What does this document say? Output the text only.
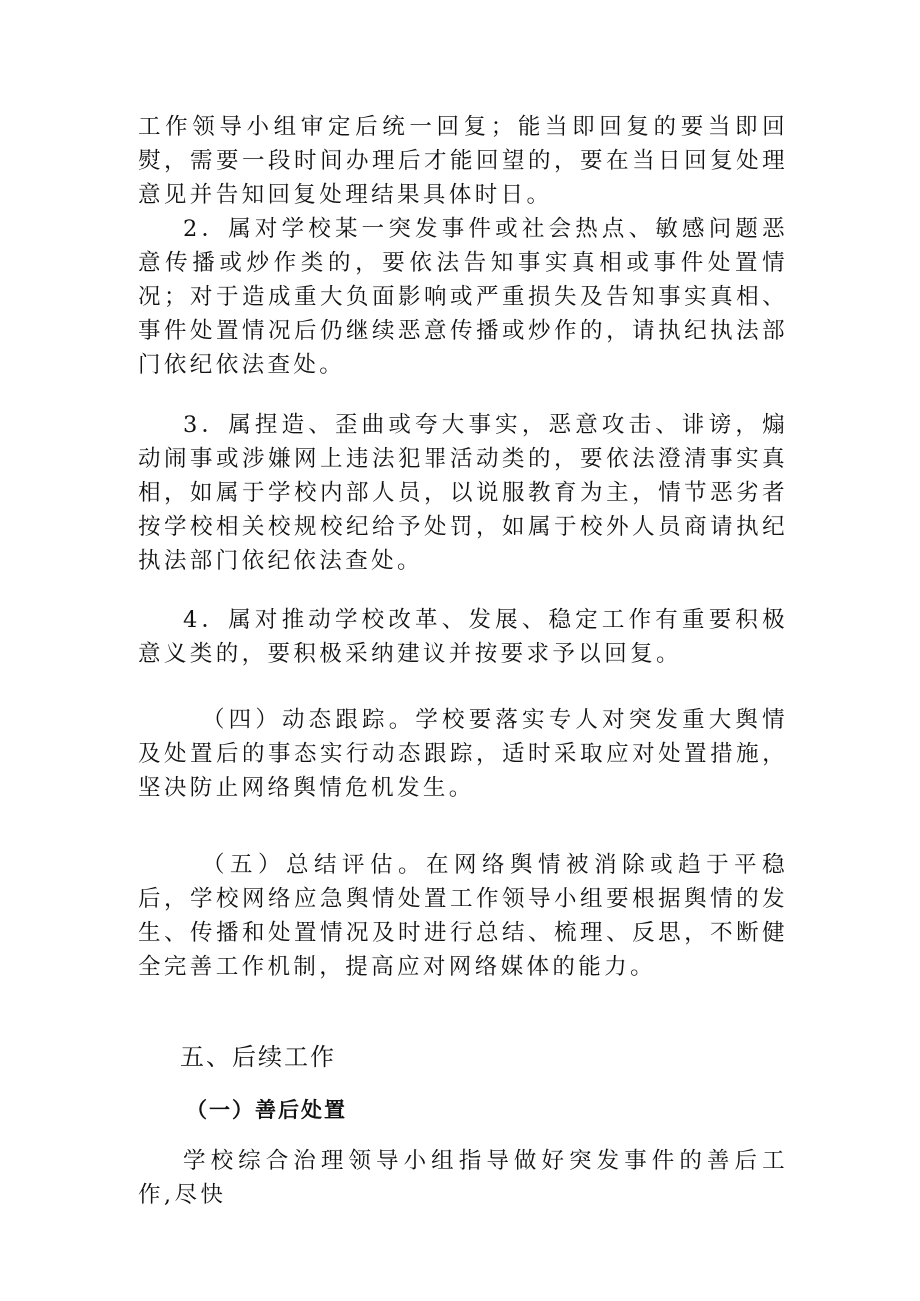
工作领导小组审定后统一回复；能当即回复的要当即回熨，需要一段时间办理后才能回望的，要在当日回复处理意见并告知回复处理结果具体时日。

2．属对学校某一突发事件或社会热点、敏感问题恶意传播或炒作类的，要依法告知事实真相或事件处置情况；对于造成重大负面影响或严重损失及告知事实真相、事件处置情况后仍继续恶意传播或炒作的，请执纪执法部门依纪依法查处。

3．属捏造、歪曲或夸大事实，恶意攻击、诽谤，煽动闹事或涉嫌网上违法犯罪活动类的，要依法澄清事实真相，如属于学校内部人员，以说服教育为主，情节恶劣者按学校相关校规校纪给予处罚，如属于校外人员商请执纪执法部门依纪依法查处。

4．属对推动学校改革、发展、稳定工作有重要积极意义类的，要积极采纳建议并按要求予以回复。

（四）动态跟踪。学校要落实专人对突发重大舆情及处置后的事态实行动态跟踪，适时采取应对处置措施，坚决防止网络舆情危机发生。

（五）总结评估。在网络舆情被消除或趋于平稳后，学校网络应急舆情处置工作领导小组要根据舆情的发生、传播和处置情况及时进行总结、梳理、反思，不断健全完善工作机制，提高应对网络媒体的能力。

五、后续工作
（一）善后处置

学校综合治理领导小组指导做好突发事件的善后工作,尽快
